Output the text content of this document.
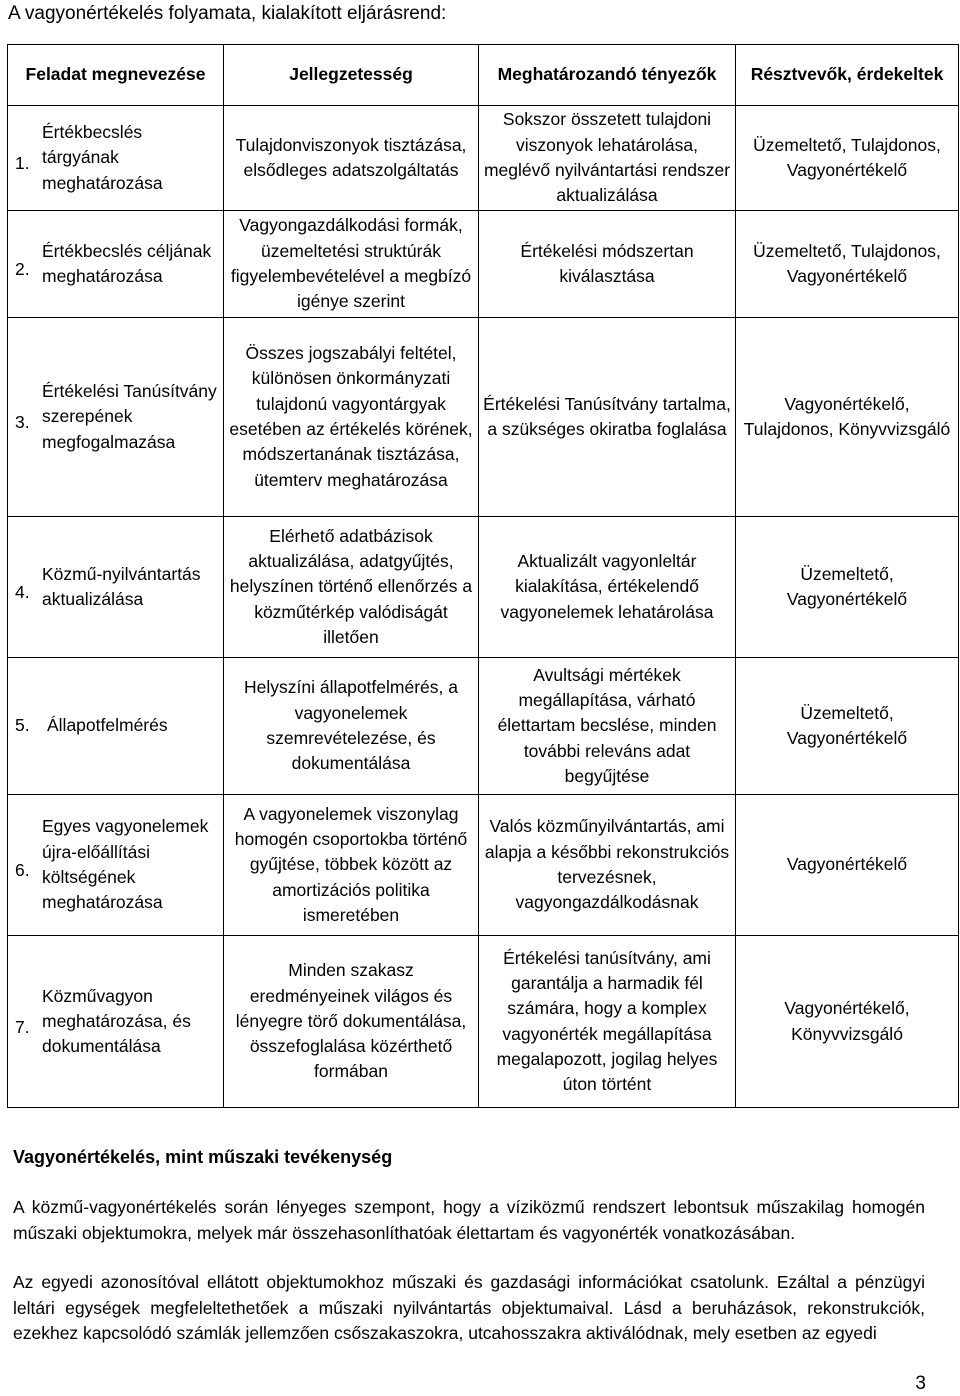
A vagyonértékelés folyamata, kialakított eljárásrend:
Feladat megnevezése	Jellegzetesség	Meghatározandó tényezők	Résztvevők, érdekeltek

1.
Értékbecslés tárgyának meghatározása	Tulajdonviszonyok tisztázása, elsődleges adatszolgáltatás	Sokszor összetett tulajdoni viszonyok lehatárolása, meglévő nyilvántartási rendszer aktualizálása	Üzemeltető, Tulajdonos, Vagyonértékelő

2.
Értékbecslés céljának meghatározása	Vagyongazdálkodási formák, üzemeltetési struktúrák figyelembevételével a megbízó igénye szerint	Értékelési módszertan kiválasztása	Üzemeltető, Tulajdonos, Vagyonértékelő

3.
Értékelési Tanúsítvány szerepének megfogalmazása	Összes jogszabályi feltétel, különösen önkormányzati tulajdonú vagyontárgyak esetében az értékelés körének, módszertanának tisztázása, ütemterv meghatározása	Értékelési Tanúsítvány tartalma, a szükséges okiratba foglalása	Vagyonértékelő, Tulajdonos, Könyvvizsgáló

4.
Közmű-nyilvántartás aktualizálása	Elérhető adatbázisok aktualizálása, adatgyűjtés, helyszínen történő ellenőrzés a közműtérkép valódiságát illetően	Aktualizált vagyonleltár kialakítása, értékelendő vagyonelemek lehatárolása	Üzemeltető, Vagyonértékelő

5. Állapotfelmérés	Helyszíni állapotfelmérés, a vagyonelemek szemrevételezése, és dokumentálása	Avultsági mértékek megállapítása, várható élettartam becslése, minden további releváns adat begyűjtése	Üzemeltető, Vagyonértékelő

6.
Egyes vagyonelemek újra-előállítási költségének meghatározása	A vagyonelemek viszonylag homogén csoportokba történő gyűjtése, többek között az amortizációs politika ismeretében	Valós közműnyilvántartás, ami alapja a későbbi rekonstrukciós tervezésnek, vagyongazdálkodásnak	Vagyonértékelő

7.
Közművagyon meghatározása, és dokumentálása	Minden szakasz eredményeinek világos és lényegre törő dokumentálása, összefoglalása közérthető formában	Értékelési tanúsítvány, ami garantálja a harmadik fél számára, hogy a komplex vagyonérték megállapítása megalapozott, jogilag helyes úton történt	Vagyonértékelő, Könyvvizsgáló
Vagyonértékelés, mint műszaki tevékenység
A közmű-vagyonértékelés során lényeges szempont, hogy a víziközmű rendszert lebontsuk műszakilag homogén műszaki objektumokra, melyek már összehasonlíthatóak élettartam és vagyonérték vonatkozásában.
Az egyedi azonosítóval ellátott objektumokhoz műszaki és gazdasági információkat csatolunk. Ezáltal a pénzügyi leltári egységek megfeleltethetőek a műszaki nyilvántartás objektumaival. Lásd a beruházások, rekonstrukciók, ezekhez kapcsolódó számlák jellemzően csőszakaszokra, utcahosszakra aktiválódnak, mely esetben az egyedi
3
